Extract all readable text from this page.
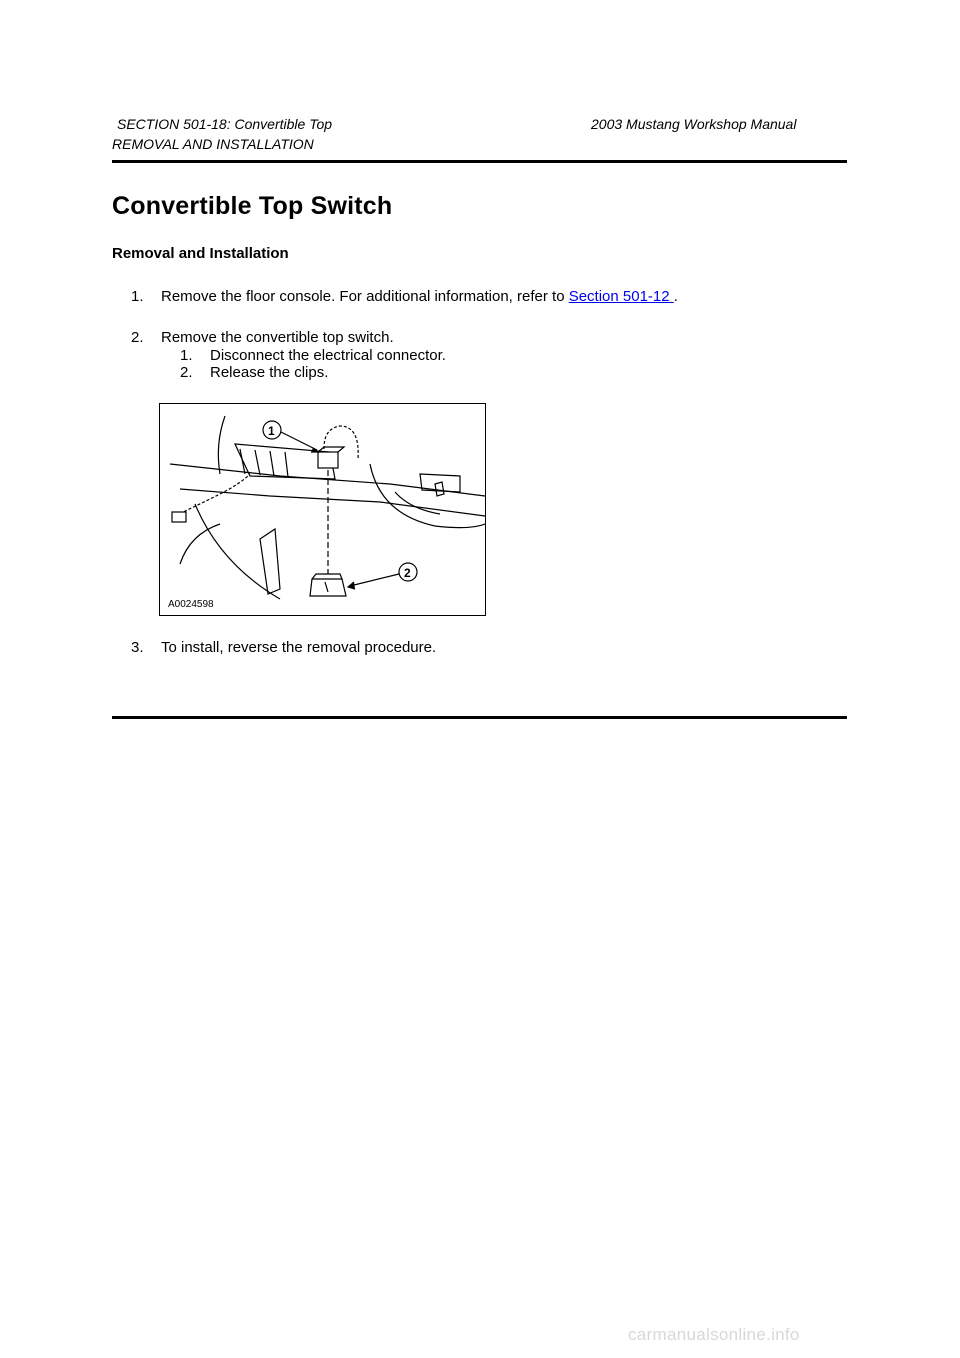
SECTION 501-18: Convertible Top	2003 Mustang Workshop Manual
REMOVAL AND INSTALLATION
Convertible Top Switch
Removal and Installation
1. Remove the floor console. For additional information, refer to Section 501-12 .
2. Remove the convertible top switch.
1. Disconnect the electrical connector.
2. Release the clips.
1
2
A0024598
3. To install, reverse the removal procedure.
carmanualsonline.info
